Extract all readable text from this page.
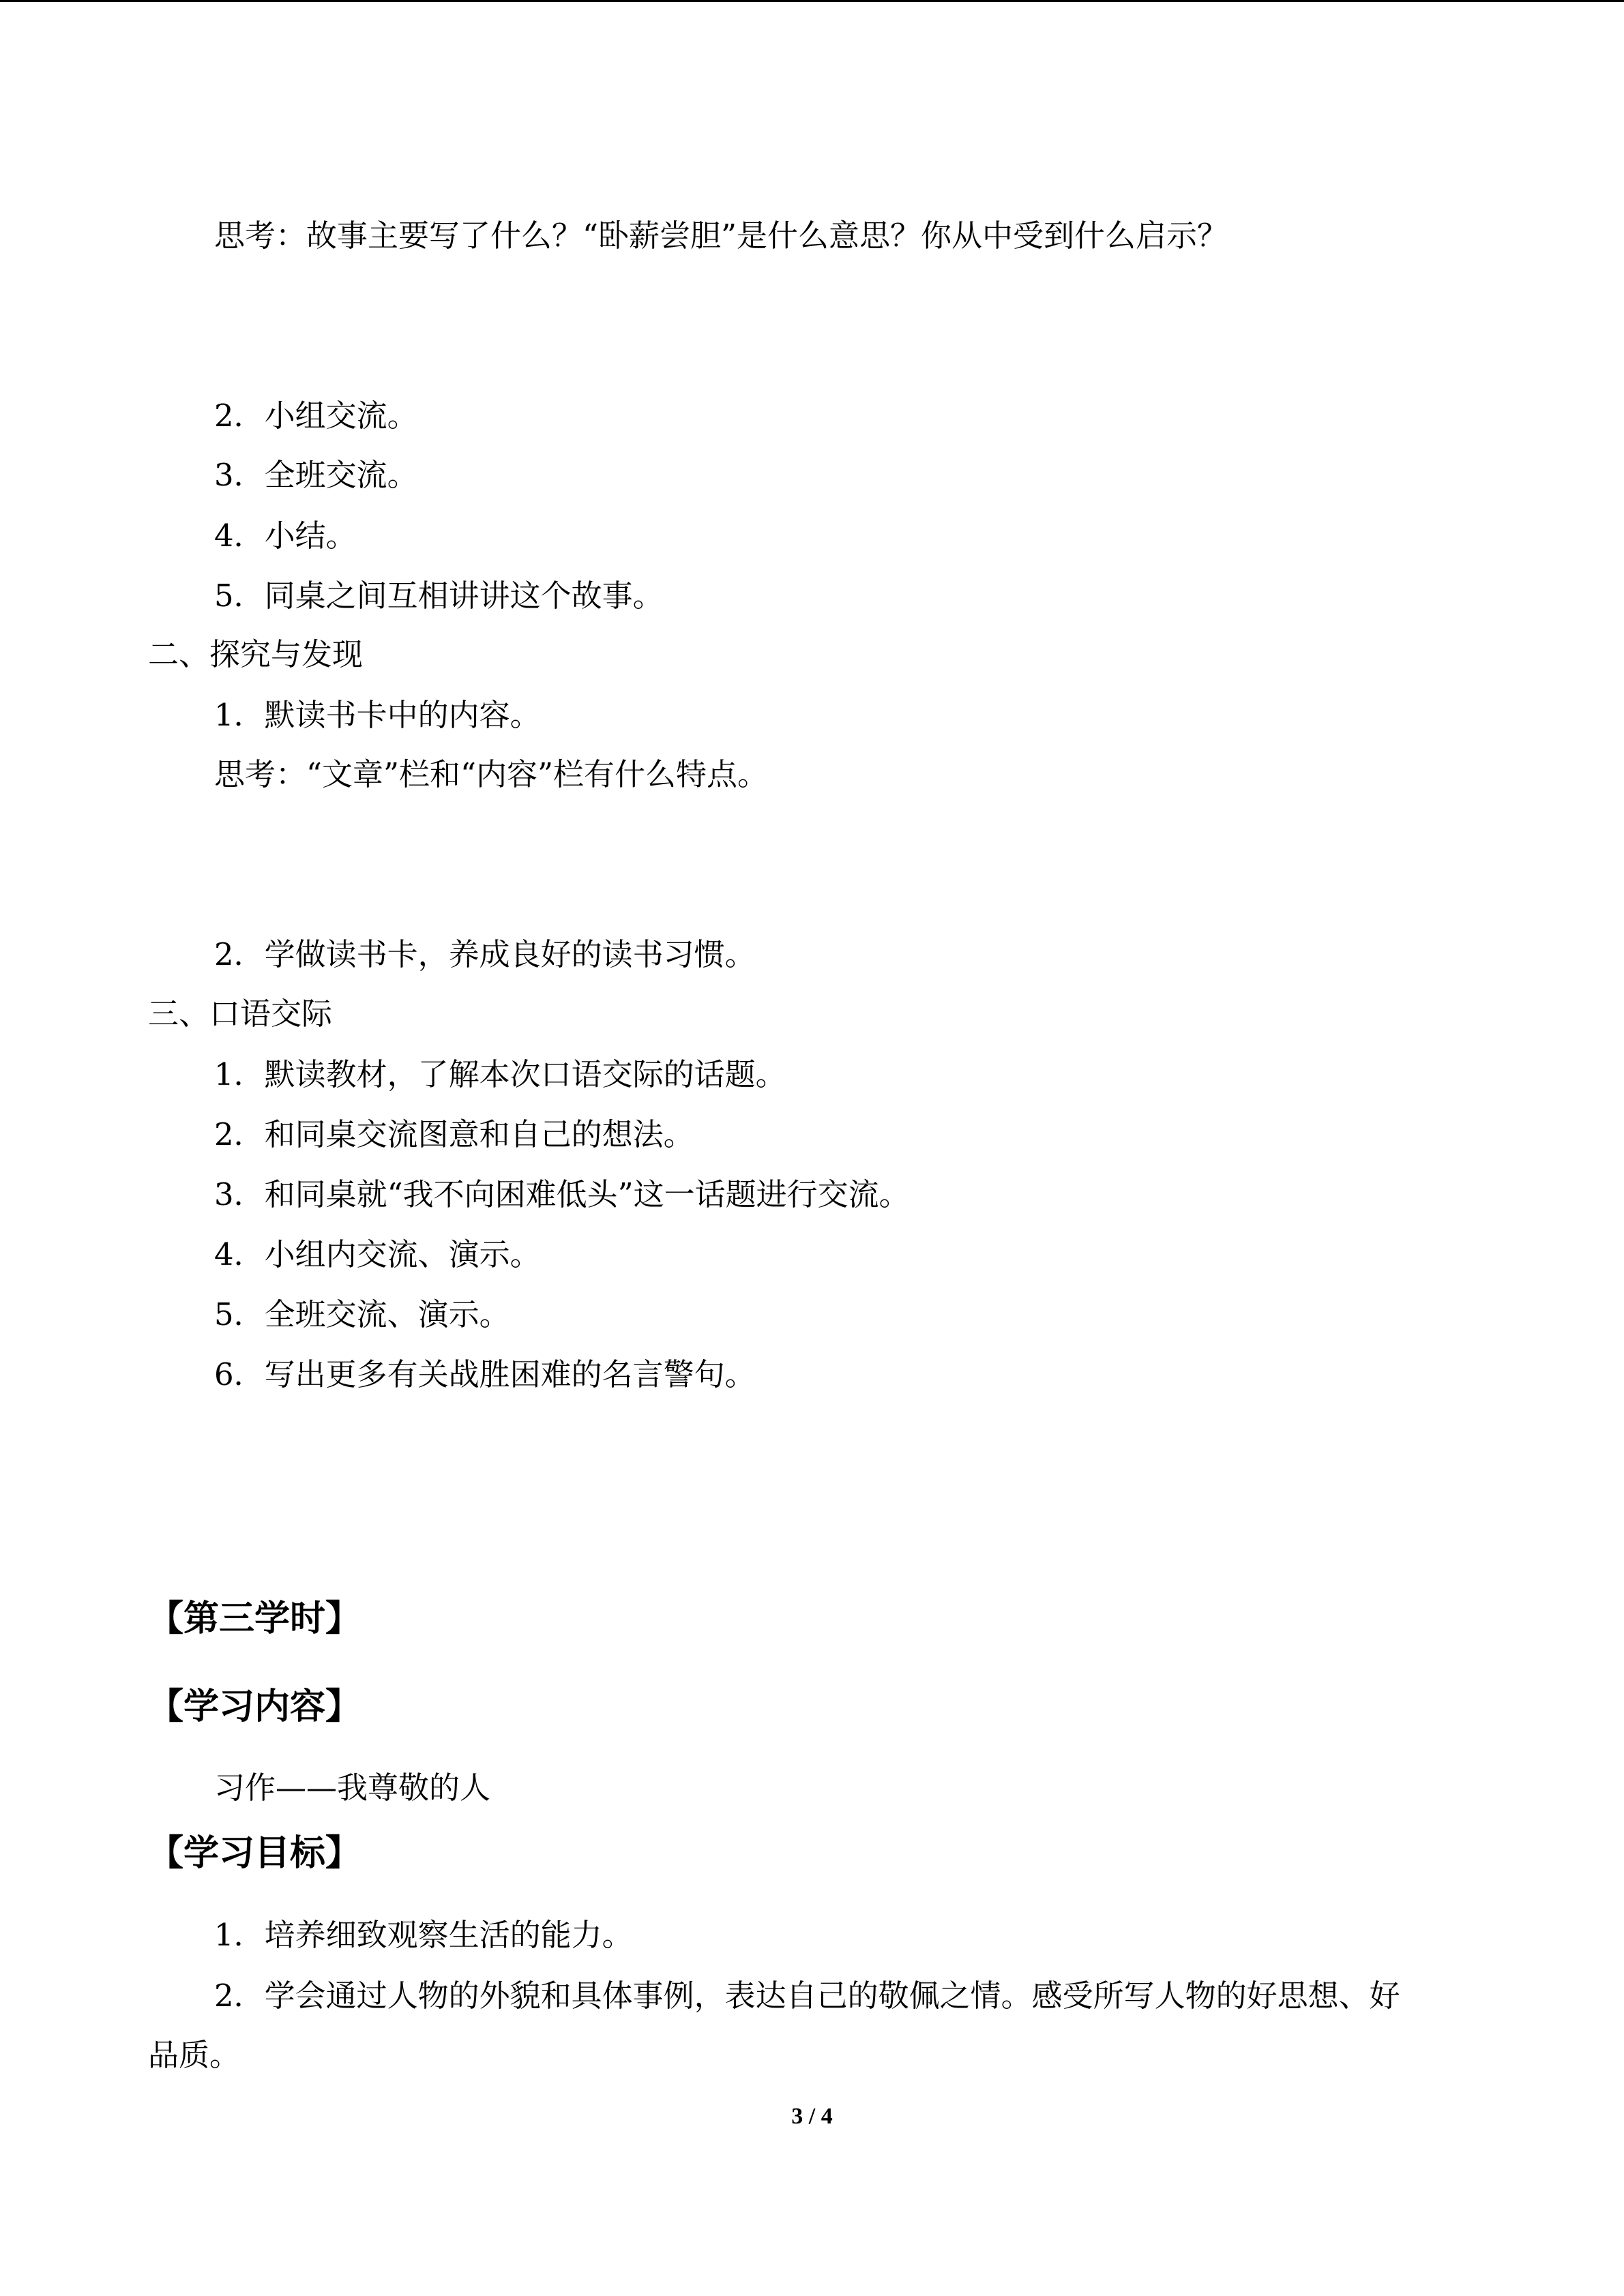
思考：故事主要写了什么？“卧薪尝胆”是什么意思？你从中受到什么启示？
2．小组交流。
3．全班交流。
4．小结。
5．同桌之间互相讲讲这个故事。
二、探究与发现
1．默读书卡中的内容。
思考：“文章”栏和“内容”栏有什么特点。
2．学做读书卡，养成良好的读书习惯。
三、口语交际
1．默读教材，了解本次口语交际的话题。
2．和同桌交流图意和自己的想法。
3．和同桌就“我不向困难低头”这一话题进行交流。
4．小组内交流、演示。
5．全班交流、演示。
6．写出更多有关战胜困难的名言警句。
【第三学时】
【学习内容】
习作——我尊敬的人
【学习目标】
1．培养细致观察生活的能力。
2．学会通过人物的外貌和具体事例，表达自己的敬佩之情。感受所写人物的好思想、好
品质。
3 / 4
